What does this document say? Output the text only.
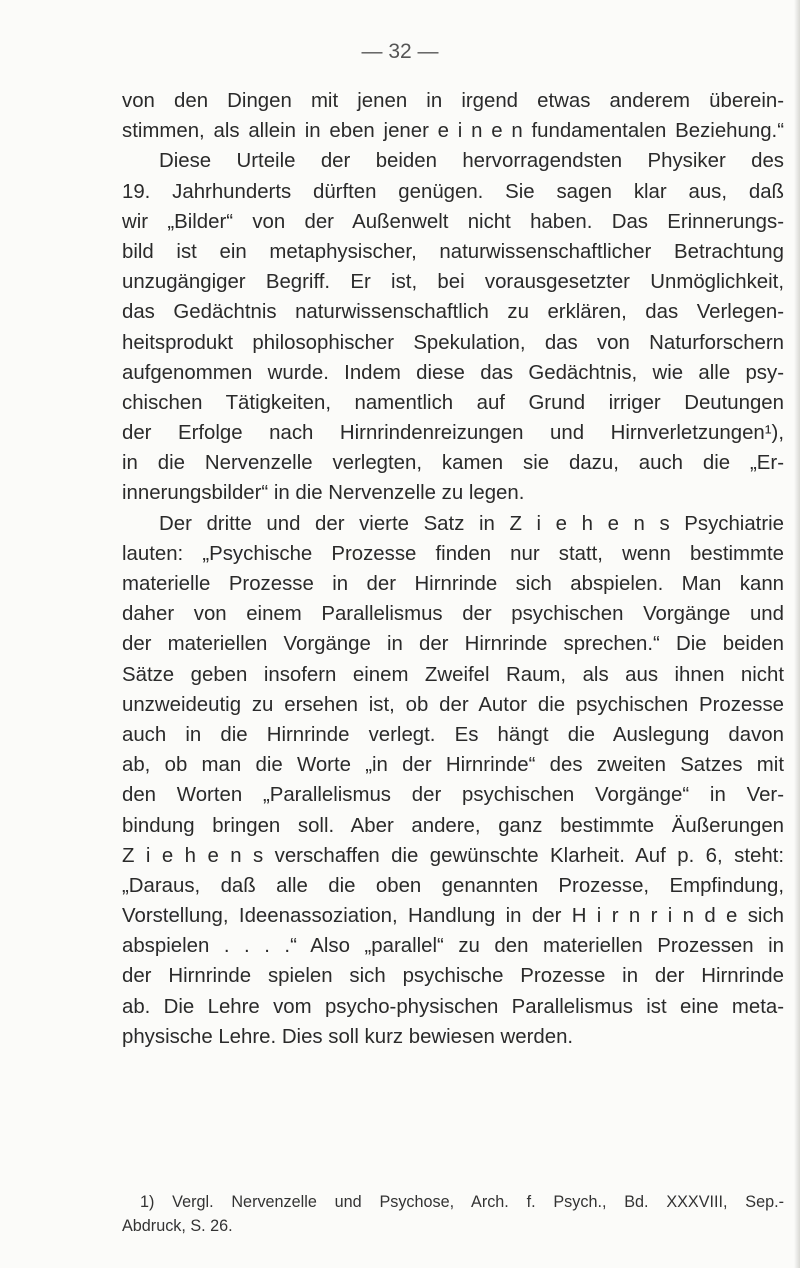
— 32 —
von den Dingen mit jenen in irgend etwas anderem überein-
stimmen, als allein in eben jener e i n e n fundamentalen Beziehung.“
Diese Urteile der beiden hervorragendsten Physiker des
19. Jahrhunderts dürften genügen. Sie sagen klar aus, daß
wir „Bilder“ von der Außenwelt nicht haben. Das Erinnerungs-
bild ist ein metaphysischer, naturwissenschaftlicher Betrachtung
unzugängiger Begriff. Er ist, bei vorausgesetzter Unmöglichkeit,
das Gedächtnis naturwissenschaftlich zu erklären, das Verlegen-
heitsprodukt philosophischer Spekulation, das von Naturforschern
aufgenommen wurde. Indem diese das Gedächtnis, wie alle psy-
chischen Tätigkeiten, namentlich auf Grund irriger Deutungen
der Erfolge nach Hirnrindenreizungen und Hirnverletzungen¹),
in die Nervenzelle verlegten, kamen sie dazu, auch die „Er-
innerungsbilder“ in die Nervenzelle zu legen.
Der dritte und der vierte Satz in Z i e h e n s Psychiatrie
lauten: „Psychische Prozesse finden nur statt, wenn bestimmte
materielle Prozesse in der Hirnrinde sich abspielen. Man kann
daher von einem Parallelismus der psychischen Vorgänge und
der materiellen Vorgänge in der Hirnrinde sprechen.“ Die beiden
Sätze geben insofern einem Zweifel Raum, als aus ihnen nicht
unzweideutig zu ersehen ist, ob der Autor die psychischen Prozesse
auch in die Hirnrinde verlegt. Es hängt die Auslegung davon
ab, ob man die Worte „in der Hirnrinde“ des zweiten Satzes mit
den Worten „Parallelismus der psychischen Vorgänge“ in Ver-
bindung bringen soll. Aber andere, ganz bestimmte Äußerungen
Z i e h e n s verschaffen die gewünschte Klarheit. Auf p. 6, steht:
„Daraus, daß alle die oben genannten Prozesse, Empfindung,
Vorstellung, Ideenassoziation, Handlung in der H i r n r i n d e sich
abspielen . . . .“ Also „parallel“ zu den materiellen Prozessen in
der Hirnrinde spielen sich psychische Prozesse in der Hirnrinde
ab. Die Lehre vom psycho-physischen Parallelismus ist eine meta-
physische Lehre. Dies soll kurz bewiesen werden.
1) Vergl. Nervenzelle und Psychose, Arch. f. Psych., Bd. XXXVIII, Sep.-
Abdruck, S. 26.
